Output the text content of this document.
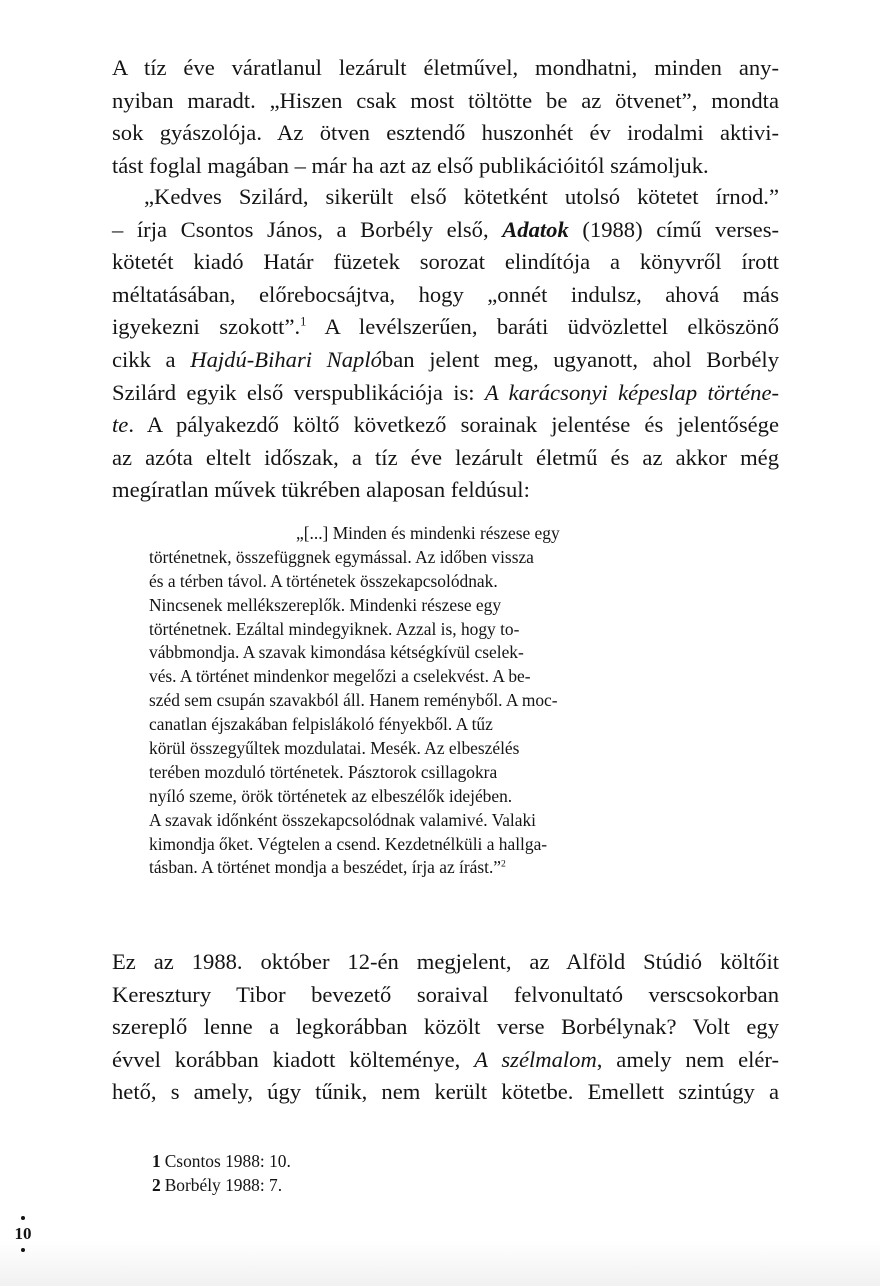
A tíz éve váratlanul lezárult életművel, mondhatni, minden any-
nyiban maradt. „Hiszen csak most töltötte be az ötvenet”, mondta
sok gyászolója. Az ötven esztendő huszonhét év irodalmi aktivi-
tást foglal magában – már ha azt az első publikációitól számoljuk.
„Kedves Szilárd, sikerült első kötetként utolsó kötetet írnod.”
– írja Csontos János, a Borbély első, Adatok (1988) című verses-
kötetét kiadó Határ füzetek sorozat elindítója a könyvről írott
méltatásában, előrebocsájtva, hogy „onnét indulsz, ahová más
igyekezni szokott”.$^1$ A levélszerűen, baráti üdvözlettel elköszönő
cikk a Hajdú-Bihari Naplóban jelent meg, ugyanott, ahol Borbély
Szilárd egyik első verspublikációja is: A karácsonyi képeslap történe-
te. A pályakezdő költő következő sorainak jelentése és jelentősége
az azóta eltelt időszak, a tíz éve lezárult életmű és az akkor még
megíratlan művek tükrében alaposan feldúsul:
„[...] Minden és mindenki részese egy
történetnek, összefüggnek egymással. Az időben vissza
és a térben távol. A történetek összekapcsolódnak.
Nincsenek mellékszereplők. Mindenki részese egy
történetnek. Ezáltal mindegyiknek. Azzal is, hogy to-
vábbmondja. A szavak kimondása kétségkívül cselek-
vés. A történet mindenkor megelőzi a cselekvést. A be-
széd sem csupán szavakból áll. Hanem reményből. A moc-
canatlan éjszakában felpislákoló fényekből. A tűz
körül összegyűltek mozdulatai. Mesék. Az elbeszélés
terében mozduló történetek. Pásztorok csillagokra
nyíló szeme, örök történetek az elbeszélők idejében.
A szavak időnként összekapcsolódnak valamivé. Valaki
kimondja őket. Végtelen a csend. Kezdetnélküli a hallga-
tásban. A történet mondja a beszédet, írja az írást.”$^2$
Ez az 1988. október 12-én megjelent, az Alföld Stúdió költőit
Keresztury Tibor bevezető soraival felvonultató verscsokorban
szereplő lenne a legkorábban közölt verse Borbélynak? Volt egy
évvel korábban kiadott költeménye, A szélmalom, amely nem elér-
hető, s amely, úgy tűnik, nem került kötetbe. Emellett szintúgy a
1 Csontos 1988: 10.
2 Borbély 1988: 7.
10
